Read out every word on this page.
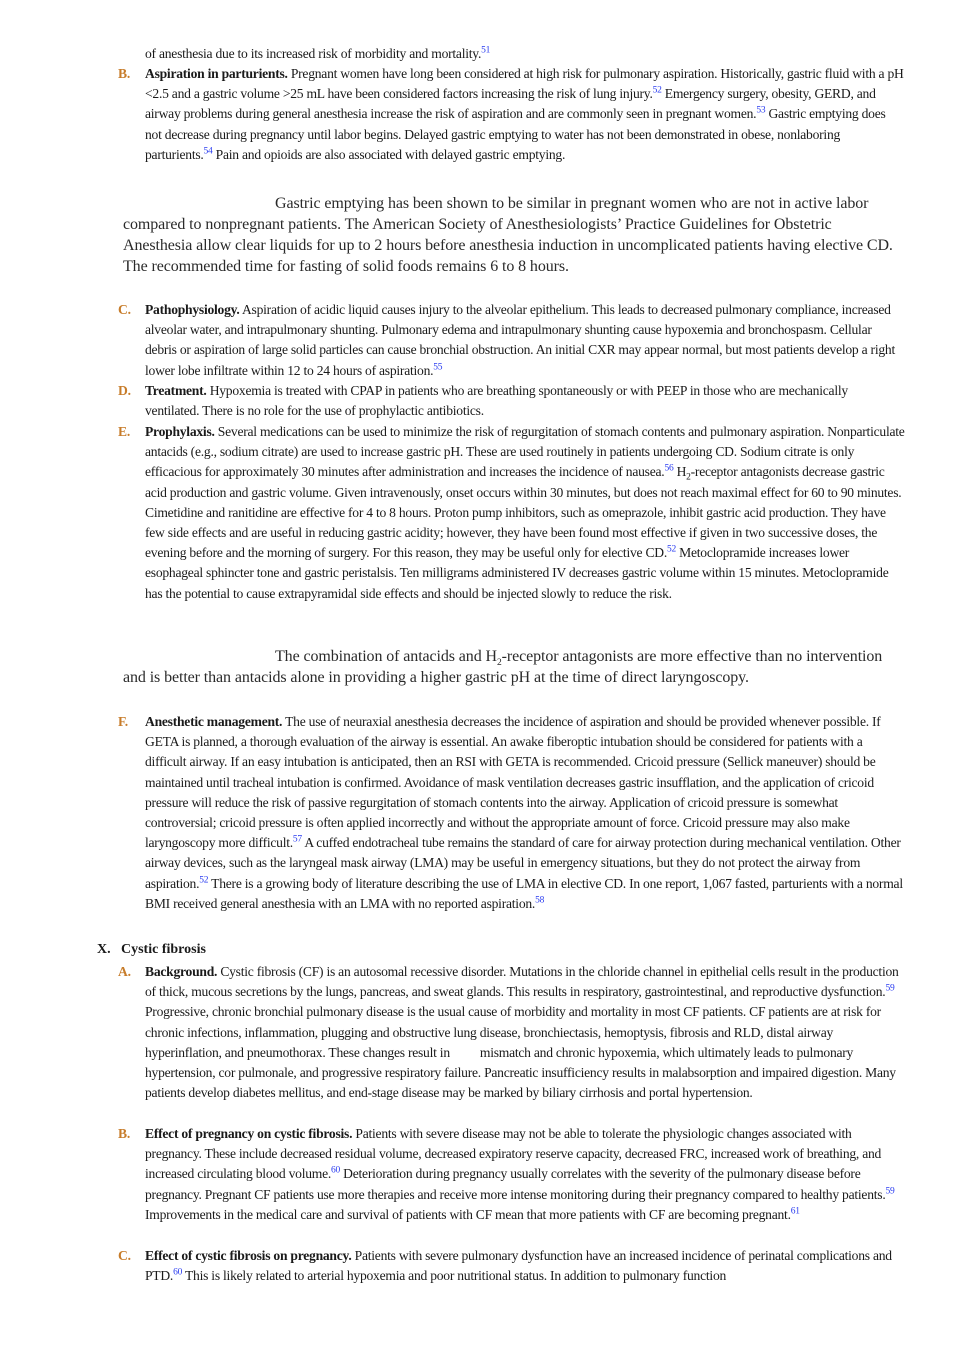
of anesthesia due to its increased risk of morbidity and mortality.$^{51}$
B. Aspiration in parturients. Pregnant women have long been considered at high risk for pulmonary aspiration. Historically, gastric fluid with a pH <2.5 and a gastric volume >25 mL have been considered factors increasing the risk of lung injury.$^{52}$ Emergency surgery, obesity, GERD, and airway problems during general anesthesia increase the risk of aspiration and are commonly seen in pregnant women.$^{53}$ Gastric emptying does not decrease during pregnancy until labor begins. Delayed gastric emptying to water has not been demonstrated in obese, nonlaboring parturients.$^{54}$ Pain and opioids are also associated with delayed gastric emptying.
Gastric emptying has been shown to be similar in pregnant women who are not in active labor compared to nonpregnant patients. The American Society of Anesthesiologists’ Practice Guidelines for Obstetric Anesthesia allow clear liquids for up to 2 hours before anesthesia induction in uncomplicated patients having elective CD. The recommended time for fasting of solid foods remains 6 to 8 hours.
C. Pathophysiology. Aspiration of acidic liquid causes injury to the alveolar epithelium. This leads to decreased pulmonary compliance, increased alveolar water, and intrapulmonary shunting. Pulmonary edema and intrapulmonary shunting cause hypoxemia and bronchospasm. Cellular debris or aspiration of large solid particles can cause bronchial obstruction. An initial CXR may appear normal, but most patients develop a right lower lobe infiltrate within 12 to 24 hours of aspiration.$^{55}$
D. Treatment. Hypoxemia is treated with CPAP in patients who are breathing spontaneously or with PEEP in those who are mechanically ventilated. There is no role for the use of prophylactic antibiotics.
E. Prophylaxis. Several medications can be used to minimize the risk of regurgitation of stomach contents and pulmonary aspiration. Nonparticulate antacids (e.g., sodium citrate) are used to increase gastric pH. These are used routinely in patients undergoing CD. Sodium citrate is only efficacious for approximately 30 minutes after administration and increases the incidence of nausea.$^{56}$ $H_2$-receptor antagonists decrease gastric acid production and gastric volume. Given intravenously, onset occurs within 30 minutes, but does not reach maximal effect for 60 to 90 minutes. Cimetidine and ranitidine are effective for 4 to 8 hours. Proton pump inhibitors, such as omeprazole, inhibit gastric acid production. They have few side effects and are useful in reducing gastric acidity; however, they have been found most effective if given in two successive doses, the evening before and the morning of surgery. For this reason, they may be useful only for elective CD.$^{52}$ Metoclopramide increases lower esophageal sphincter tone and gastric peristalsis. Ten milligrams administered IV decreases gastric volume within 15 minutes. Metoclopramide has the potential to cause extrapyramidal side effects and should be injected slowly to reduce the risk.
The combination of antacids and $H_2$-receptor antagonists are more effective than no intervention and is better than antacids alone in providing a higher gastric pH at the time of direct laryngoscopy.
F. Anesthetic management. The use of neuraxial anesthesia decreases the incidence of aspiration and should be provided whenever possible. If GETA is planned, a thorough evaluation of the airway is essential. An awake fiberoptic intubation should be considered for patients with a difficult airway. If an easy intubation is anticipated, then an RSI with GETA is recommended. Cricoid pressure (Sellick maneuver) should be maintained until tracheal intubation is confirmed. Avoidance of mask ventilation decreases gastric insufflation, and the application of cricoid pressure will reduce the risk of passive regurgitation of stomach contents into the airway. Application of cricoid pressure is somewhat controversial; cricoid pressure is often applied incorrectly and without the appropriate amount of force. Cricoid pressure may also make laryngoscopy more difficult.$^{57}$ A cuffed endotracheal tube remains the standard of care for airway protection during mechanical ventilation. Other airway devices, such as the laryngeal mask airway (LMA) may be useful in emergency situations, but they do not protect the airway from aspiration.$^{52}$ There is a growing body of literature describing the use of LMA in elective CD. In one report, 1,067 fasted, parturients with a normal BMI received general anesthesia with an LMA with no reported aspiration.$^{58}$
X. Cystic fibrosis
A. Background. Cystic fibrosis (CF) is an autosomal recessive disorder. Mutations in the chloride channel in epithelial cells result in the production of thick, mucous secretions by the lungs, pancreas, and sweat glands. This results in respiratory, gastrointestinal, and reproductive dysfunction.$^{59}$ Progressive, chronic bronchial pulmonary disease is the usual cause of morbidity and mortality in most CF patients. CF patients are at risk for chronic infections, inflammation, plugging and obstructive lung disease, bronchiectasis, hemoptysis, fibrosis and RLD, distal airway hyperinflation, and pneumothorax. These changes result in mismatch and chronic hypoxemia, which ultimately leads to pulmonary hypertension, cor pulmonale, and progressive respiratory failure. Pancreatic insufficiency results in malabsorption and impaired digestion. Many patients develop diabetes mellitus, and end-stage disease may be marked by biliary cirrhosis and portal hypertension.
B. Effect of pregnancy on cystic fibrosis. Patients with severe disease may not be able to tolerate the physiologic changes associated with pregnancy. These include decreased residual volume, decreased expiratory reserve capacity, decreased FRC, increased work of breathing, and increased circulating blood volume.$^{60}$ Deterioration during pregnancy usually correlates with the severity of the pulmonary disease before pregnancy. Pregnant CF patients use more therapies and receive more intense monitoring during their pregnancy compared to healthy patients.$^{59}$ Improvements in the medical care and survival of patients with CF mean that more patients with CF are becoming pregnant.$^{61}$
C. Effect of cystic fibrosis on pregnancy. Patients with severe pulmonary dysfunction have an increased incidence of perinatal complications and PTD.$^{60}$ This is likely related to arterial hypoxemia and poor nutritional status. In addition to pulmonary function
